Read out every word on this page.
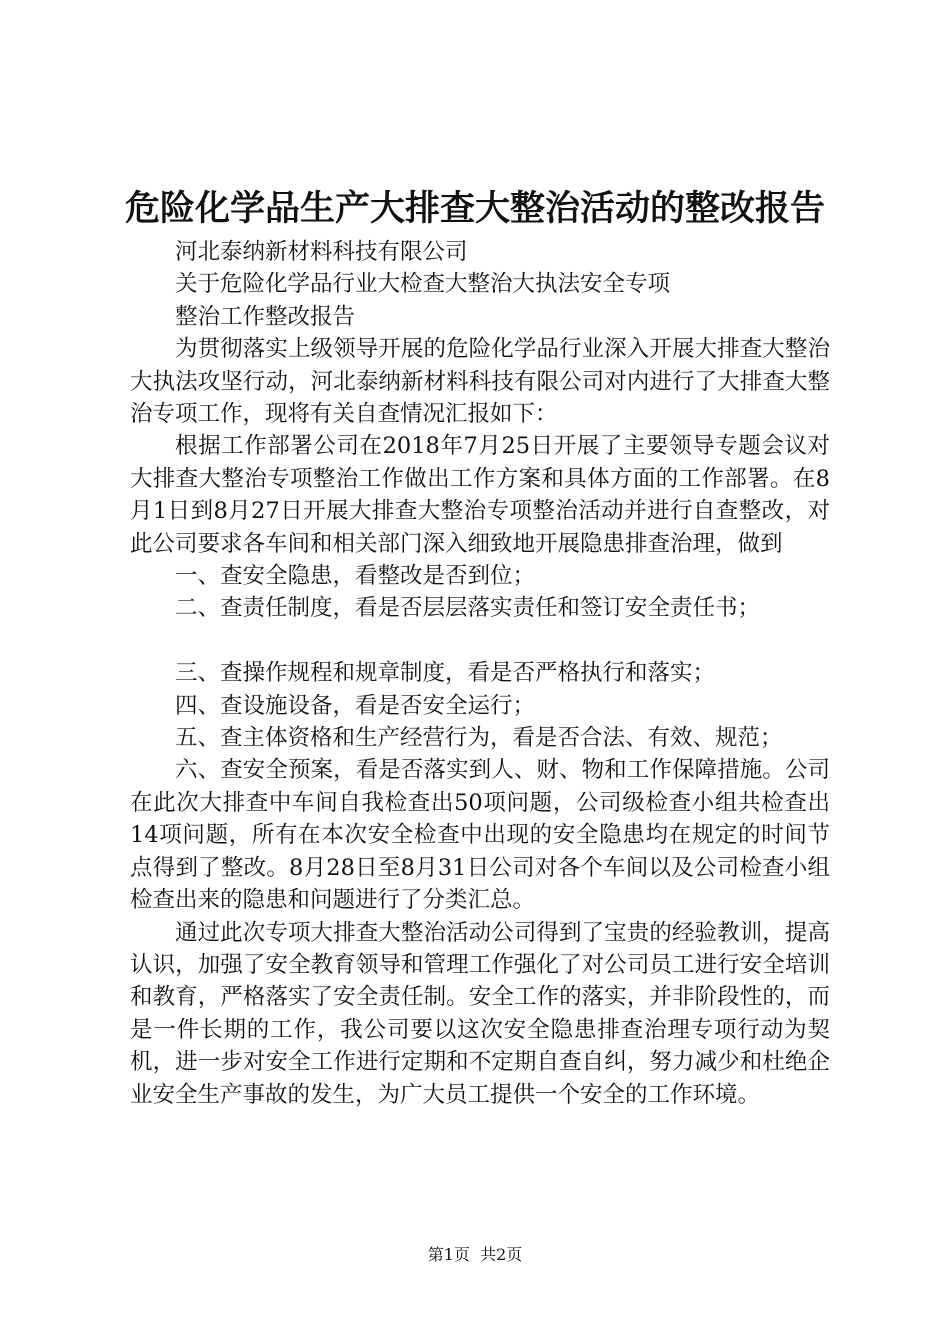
危险化学品生产大排查大整治活动的整改报告

河北泰纳新材料科技有限公司

关于危险化学品行业大检查大整治大执法安全专项

整治工作整改报告

为贯彻落实上级领导开展的危险化学品行业深入开展大排查大整治大执法攻坚行动，河北泰纳新材料科技有限公司对内进行了大排查大整治专项工作，现将有关自查情况汇报如下：

根据工作部署公司在2018年7月25日开展了主要领导专题会议对大排查大整治专项整治工作做出工作方案和具体方面的工作部署。在8月1日到8月27日开展大排查大整治专项整治活动并进行自查整改，对此公司要求各车间和相关部门深入细致地开展隐患排查治理，做到

一、查安全隐患，看整改是否到位；

二、查责任制度，看是否层层落实责任和签订安全责任书；

三、查操作规程和规章制度，看是否严格执行和落实；

四、查设施设备，看是否安全运行；

五、查主体资格和生产经营行为，看是否合法、有效、规范；

六、查安全预案，看是否落实到人、财、物和工作保障措施。公司在此次大排查中车间自我检查出50项问题，公司级检查小组共检查出14项问题，所有在本次安全检查中出现的安全隐患均在规定的时间节点得到了整改。8月28日至8月31日公司对各个车间以及公司检查小组检查出来的隐患和问题进行了分类汇总。

通过此次专项大排查大整治活动公司得到了宝贵的经验教训，提高认识，加强了安全教育领导和管理工作强化了对公司员工进行安全培训和教育，严格落实了安全责任制。安全工作的落实，并非阶段性的，而是一件长期的工作，我公司要以这次安全隐患排查治理专项行动为契机，进一步对安全工作进行定期和不定期自查自纠，努力减少和杜绝企业安全生产事故的发生，为广大员工提供一个安全的工作环境。

第1页  共2页
